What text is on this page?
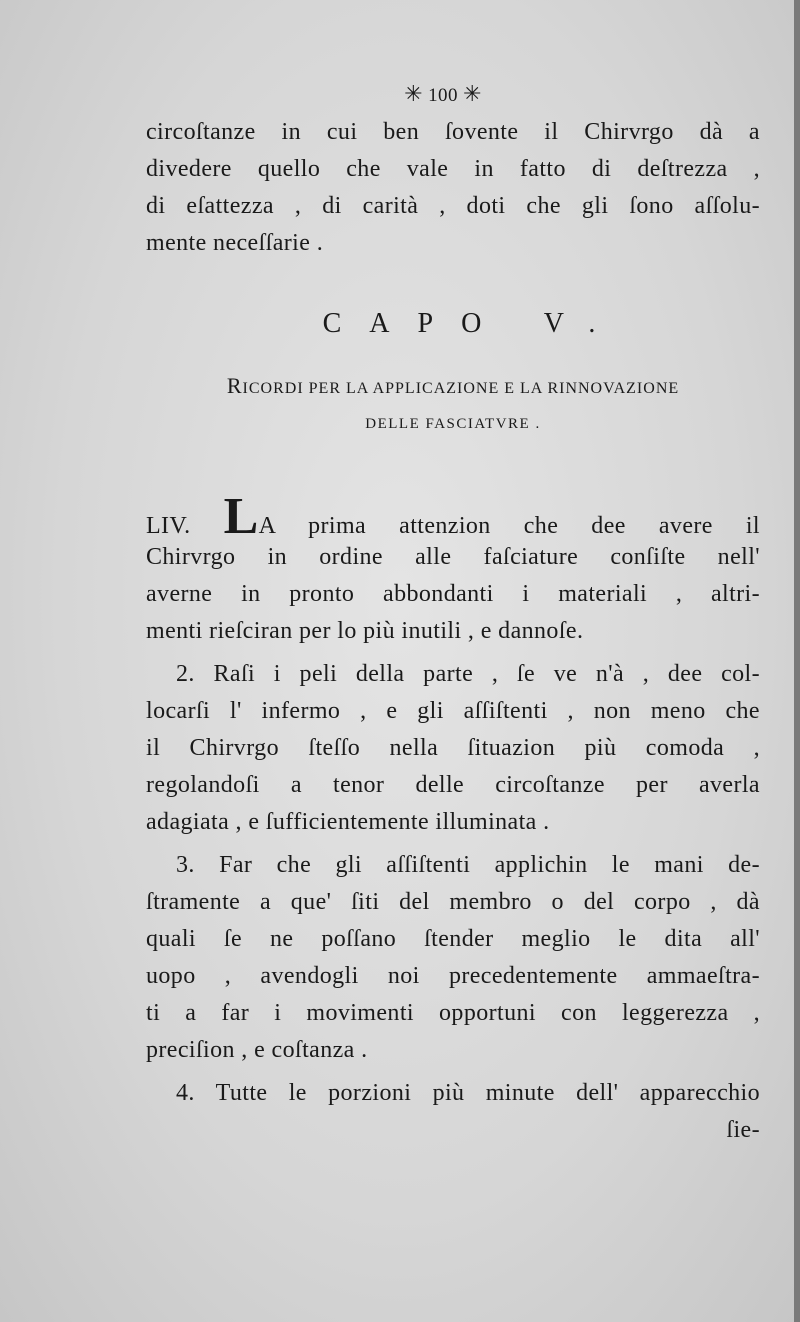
✳ 100 ✳
circoſtanze in cui ben ſovente il Chirvrgo dà a
divedere quello che vale in fatto di deſtrezza ,
di eſattezza , di carità , doti che gli ſono aſſolu-
mente neceſſarie .
CAPO V.
RICORDI PER LA APPLICAZIONE E LA RINNOVAZIONE
DELLE FASCIATVRE .
LIV. LA prima attenzion che dee avere il
Chirvrgo in ordine alle faſciature conſiſte nell'
averne in pronto abbondanti i materiali , altri-
menti rieſciran per lo più inutili , e dannoſe.
2. Raſi i peli della parte , ſe ve n'à , dee col-
locarſi l' infermo , e gli aſſiſtenti , non meno che
il Chirvrgo ſteſſo nella ſituazion più comoda ,
regolandoſi a tenor delle circoſtanze per averla
adagiata , e ſufficientemente illuminata .
3. Far che gli aſſiſtenti applichin le mani de-
ſtramente a que' ſiti del membro o del corpo , dà
quali ſe ne poſſano ſtender meglio le dita all'
uopo , avendogli noi precedentemente ammaeſtra-
ti a far i movimenti opportuni con leggerezza ,
preciſion , e coſtanza .
4. Tutte le porzioni più minute dell' apparecchio
ſie-
